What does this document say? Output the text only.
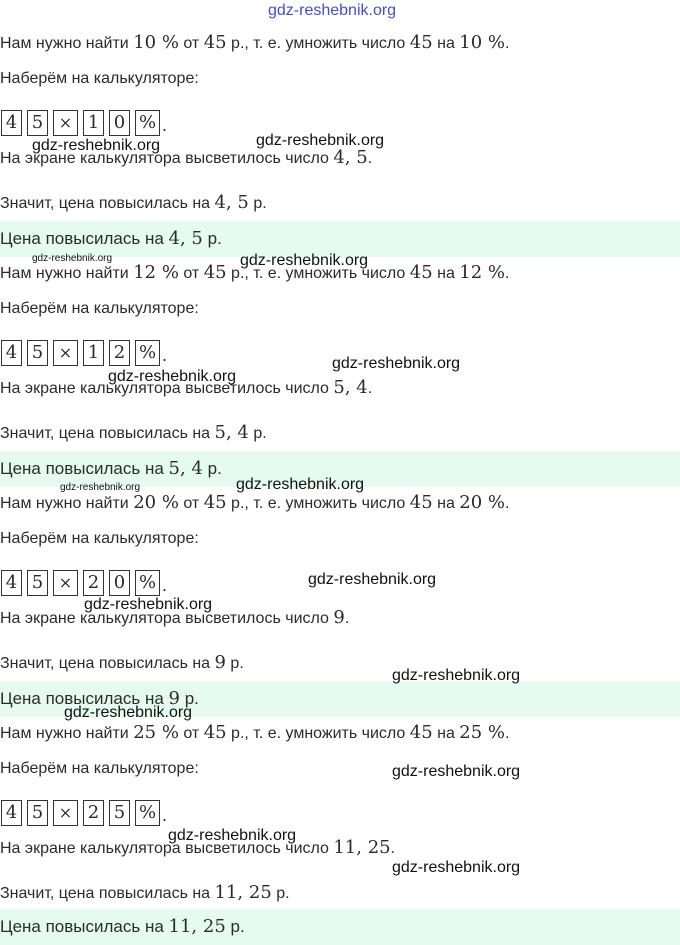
Нам нужно найти 10 % от 45 р., т. е. умножить число 45 на 10 %.
Наберём на калькуляторе:
4 5 × 1 0 % .
На экране калькулятора высветилось число 4, 5.
Значит, цена повысилась на 4, 5 р.
Цена повысилась на 4, 5 р.
Нам нужно найти 12 % от 45 р., т. е. умножить число 45 на 12 %.
Наберём на калькуляторе:
4 5 × 1 2 % .
На экране калькулятора высветилось число 5, 4.
Значит, цена повысилась на 5, 4 р.
Цена повысилась на 5, 4 р.
Нам нужно найти 20 % от 45 р., т. е. умножить число 45 на 20 %.
Наберём на калькуляторе:
4 5 × 2 0 % .
На экране калькулятора высветилось число 9.
Значит, цена повысилась на 9 р.
Цена повысилась на 9 р.
Нам нужно найти 25 % от 45 р., т. е. умножить число 45 на 25 %.
Наберём на калькуляторе:
4 5 × 2 5 % .
На экране калькулятора высветилось число 11, 25.
Значит, цена повысилась на 11, 25 р.
Цена повысилась на 11, 25 р.
gdz-reshebnik.org
gdz-reshebnik.org	gdz-reshebnik.org
gdz-reshebnik.org	gdz-reshebnik.org
gdz-reshebnik.org
gdz-reshebnik.org
gdz-reshebnik.org	gdz-reshebnik.org
gdz-reshebnik.org
gdz-reshebnik.org
gdz-reshebnik.org
gdz-reshebnik.org
gdz-reshebnik.org
gdz-reshebnik.org
gdz-reshebnik.org
